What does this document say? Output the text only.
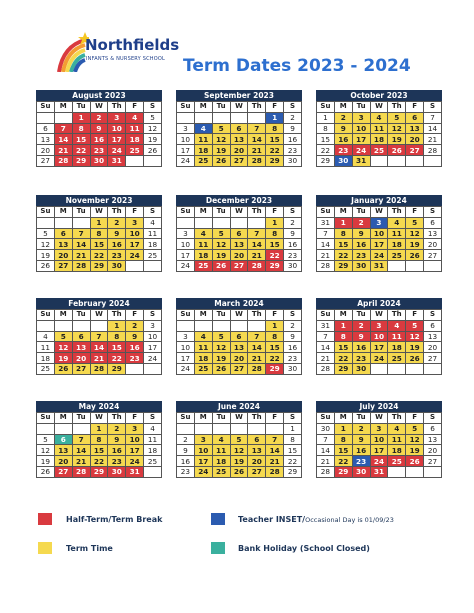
Northfields
INFANTS & NURSERY SCHOOL Term Dates 2023 - 2024
August 2023
Su	M	Tu	W	Th	F	S
		1	2	3	4	5
6	7	8	9	10	11	12
13	14	15	16	17	18	19
20	21	22	23	24	25	26
27	28	29	30	31		
September 2023
Su	M	Tu	W	Th	F	S
					1	2
3	4	5	6	7	8	9
10	11	12	13	14	15	16
17	18	19	20	21	22	23
24	25	26	27	28	29	30
October 2023
Su	M	Tu	W	Th	F	S
1	2	3	4	5	6	7
8	9	10	11	12	13	14
15	16	17	18	19	20	21
22	23	24	25	26	27	28
29	30	31				
November 2023
Su	M	Tu	W	Th	F	S
			1	2	3	4
5	6	7	8	9	10	11
12	13	14	15	16	17	18
19	20	21	22	23	24	25
26	27	28	29	30		
December 2023
Su	M	Tu	W	Th	F	S
					1	2
3	4	5	6	7	8	9
10	11	12	13	14	15	16
17	18	19	20	21	22	23
24	25	26	27	28	29	30
January 2024
Su	M	Tu	W	Th	F	S
31	1	2	3	4	5	6
7	8	9	10	11	12	13
14	15	16	17	18	19	20
21	22	23	24	25	26	27
28	29	30	31			
February 2024
Su	M	Tu	W	Th	F	S
				1	2	3
4	5	6	7	8	9	10
11	12	13	14	15	16	17
18	19	20	21	22	23	24
25	26	27	28	29		
March 2024
Su	M	Tu	W	Th	F	S
					1	2
3	4	5	6	7	8	9
10	11	12	13	14	15	16
17	18	19	20	21	22	23
24	25	26	27	28	29	30
April 2024
Su	M	Tu	W	Th	F	S
31	1	2	3	4	5	6
7	8	9	10	11	12	13
14	15	16	17	18	19	20
21	22	23	24	25	26	27
28	29	30				
May 2024
Su	M	Tu	W	Th	F	S
			1	2	3	4
5	6	7	8	9	10	11
12	13	14	15	16	17	18
19	20	21	22	23	24	25
26	27	28	29	30	31	
June 2024
Su	M	Tu	W	Th	F	S
						1
2	3	4	5	6	7	8
9	10	11	12	13	14	15
16	17	18	19	20	21	22
23	24	25	26	27	28	29
July 2024
Su	M	Tu	W	Th	F	S
30	1	2	3	4	5	6
7	8	9	10	11	12	13
14	15	16	17	18	19	20
21	22	23	24	25	26	27
28	29	30	31			
Half-Term/Term Break
Term Time
Teacher INSET/Occasional Day is 01/09/23
Bank Holiday (School Closed)
